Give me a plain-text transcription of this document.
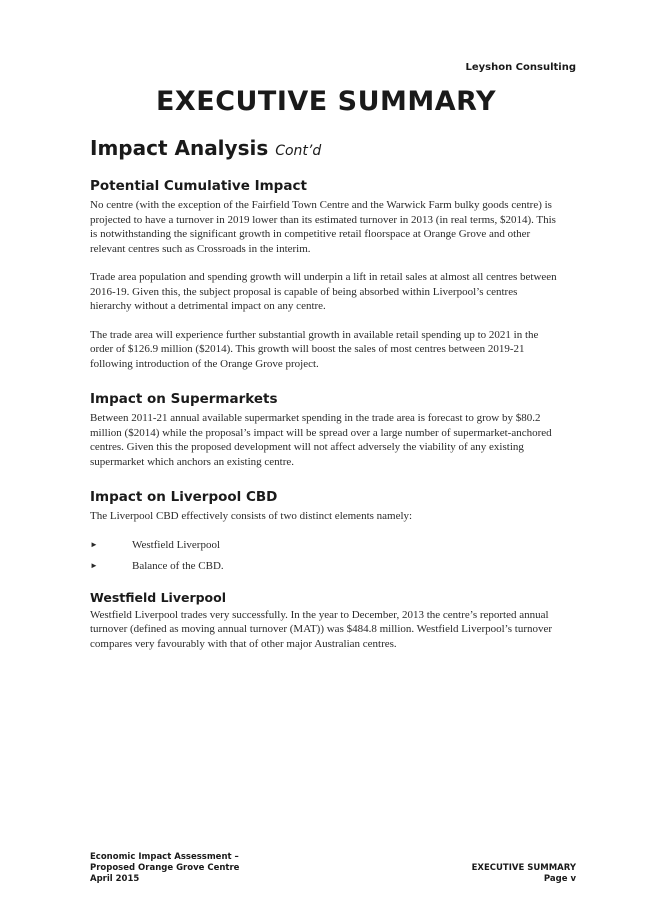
Leyshon Consulting
EXECUTIVE SUMMARY
Impact Analysis Cont’d
Potential Cumulative Impact

No centre (with the exception of the Fairfield Town Centre and the Warwick Farm bulky goods centre) is projected to have a turnover in 2019 lower than its estimated turnover in 2013 (in real terms, $2014). This is notwithstanding the significant growth in competitive retail floorspace at Orange Grove and other relevant centres such as Crossroads in the interim.

Trade area population and spending growth will underpin a lift in retail sales at almost all centres between 2016-19. Given this, the subject proposal is capable of being absorbed within Liverpool’s centres hierarchy without a detrimental impact on any centre.

The trade area will experience further substantial growth in available retail spending up to 2021 in the order of $126.9 million ($2014). This growth will boost the sales of most centres between 2019-21 following introduction of the Orange Grove project.

Impact on Supermarkets

Between 2011-21 annual available supermarket spending in the trade area is forecast to grow by $80.2 million ($2014) while the proposal’s impact will be spread over a large number of supermarket-anchored centres. Given this the proposed development will not affect adversely the viability of any existing supermarket which anchors an existing centre.

Impact on Liverpool CBD

The Liverpool CBD effectively consists of two distinct elements namely:

►	Westfield Liverpool
►	Balance of the CBD.
Westfield Liverpool

Westfield Liverpool trades very successfully. In the year to December, 2013 the centre’s reported annual turnover (defined as moving annual turnover (MAT)) was $484.8 million. Westfield Liverpool’s turnover compares very favourably with that of other major Australian centres.

Economic Impact Assessment –
Proposed Orange Grove Centre
April 2015
EXECUTIVE SUMMARY
Page v
